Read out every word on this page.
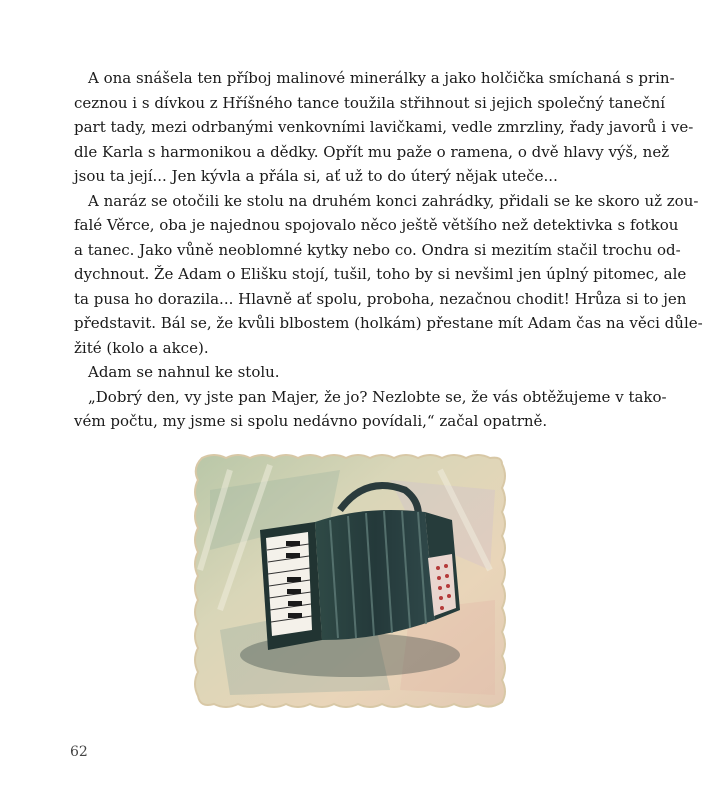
A ona snášela ten příboj malinové minerálky a jako holčička smíchaná s prin-
ceznou i s dívkou z Hříšného tance toužila střihnout si jejich společný taneční
part tady, mezi odrbanými venkovními lavičkami, vedle zmrzliny, řady javorů i ve-
dle Karla s harmonikou a dědky. Opřít mu paže o ramena, o dvě hlavy výš, než
jsou ta její... Jen kývla a přála si, ať už to do úterý nějak uteče...
A naráz se otočili ke stolu na druhém konci zahrádky, přidali se ke skoro už zou-
falé Věrce, oba je najednou spojovalo něco ještě většího než detektivka s fotkou
a tanec. Jako vůně neoblomné kytky nebo co. Ondra si mezitím stačil trochu od-
dychnout. Že Adam o Elišku stojí, tušil, toho by si nevšiml jen úplný pitomec, ale
ta pusa ho dorazila... Hlavně ať spolu, proboha, nezačnou chodit! Hrůza si to jen
představit. Bál se, že kvůli blbostem (holkám) přestane mít Adam čas na věci důle-
žité (kolo a akce).
Adam se nahnul ke stolu.
„Dobrý den, vy jste pan Majer, že jo? Nezlobte se, že vás obtěžujeme v tako-
vém počtu, my jsme si spolu nedávno povídali,“ začal opatrně.
62
